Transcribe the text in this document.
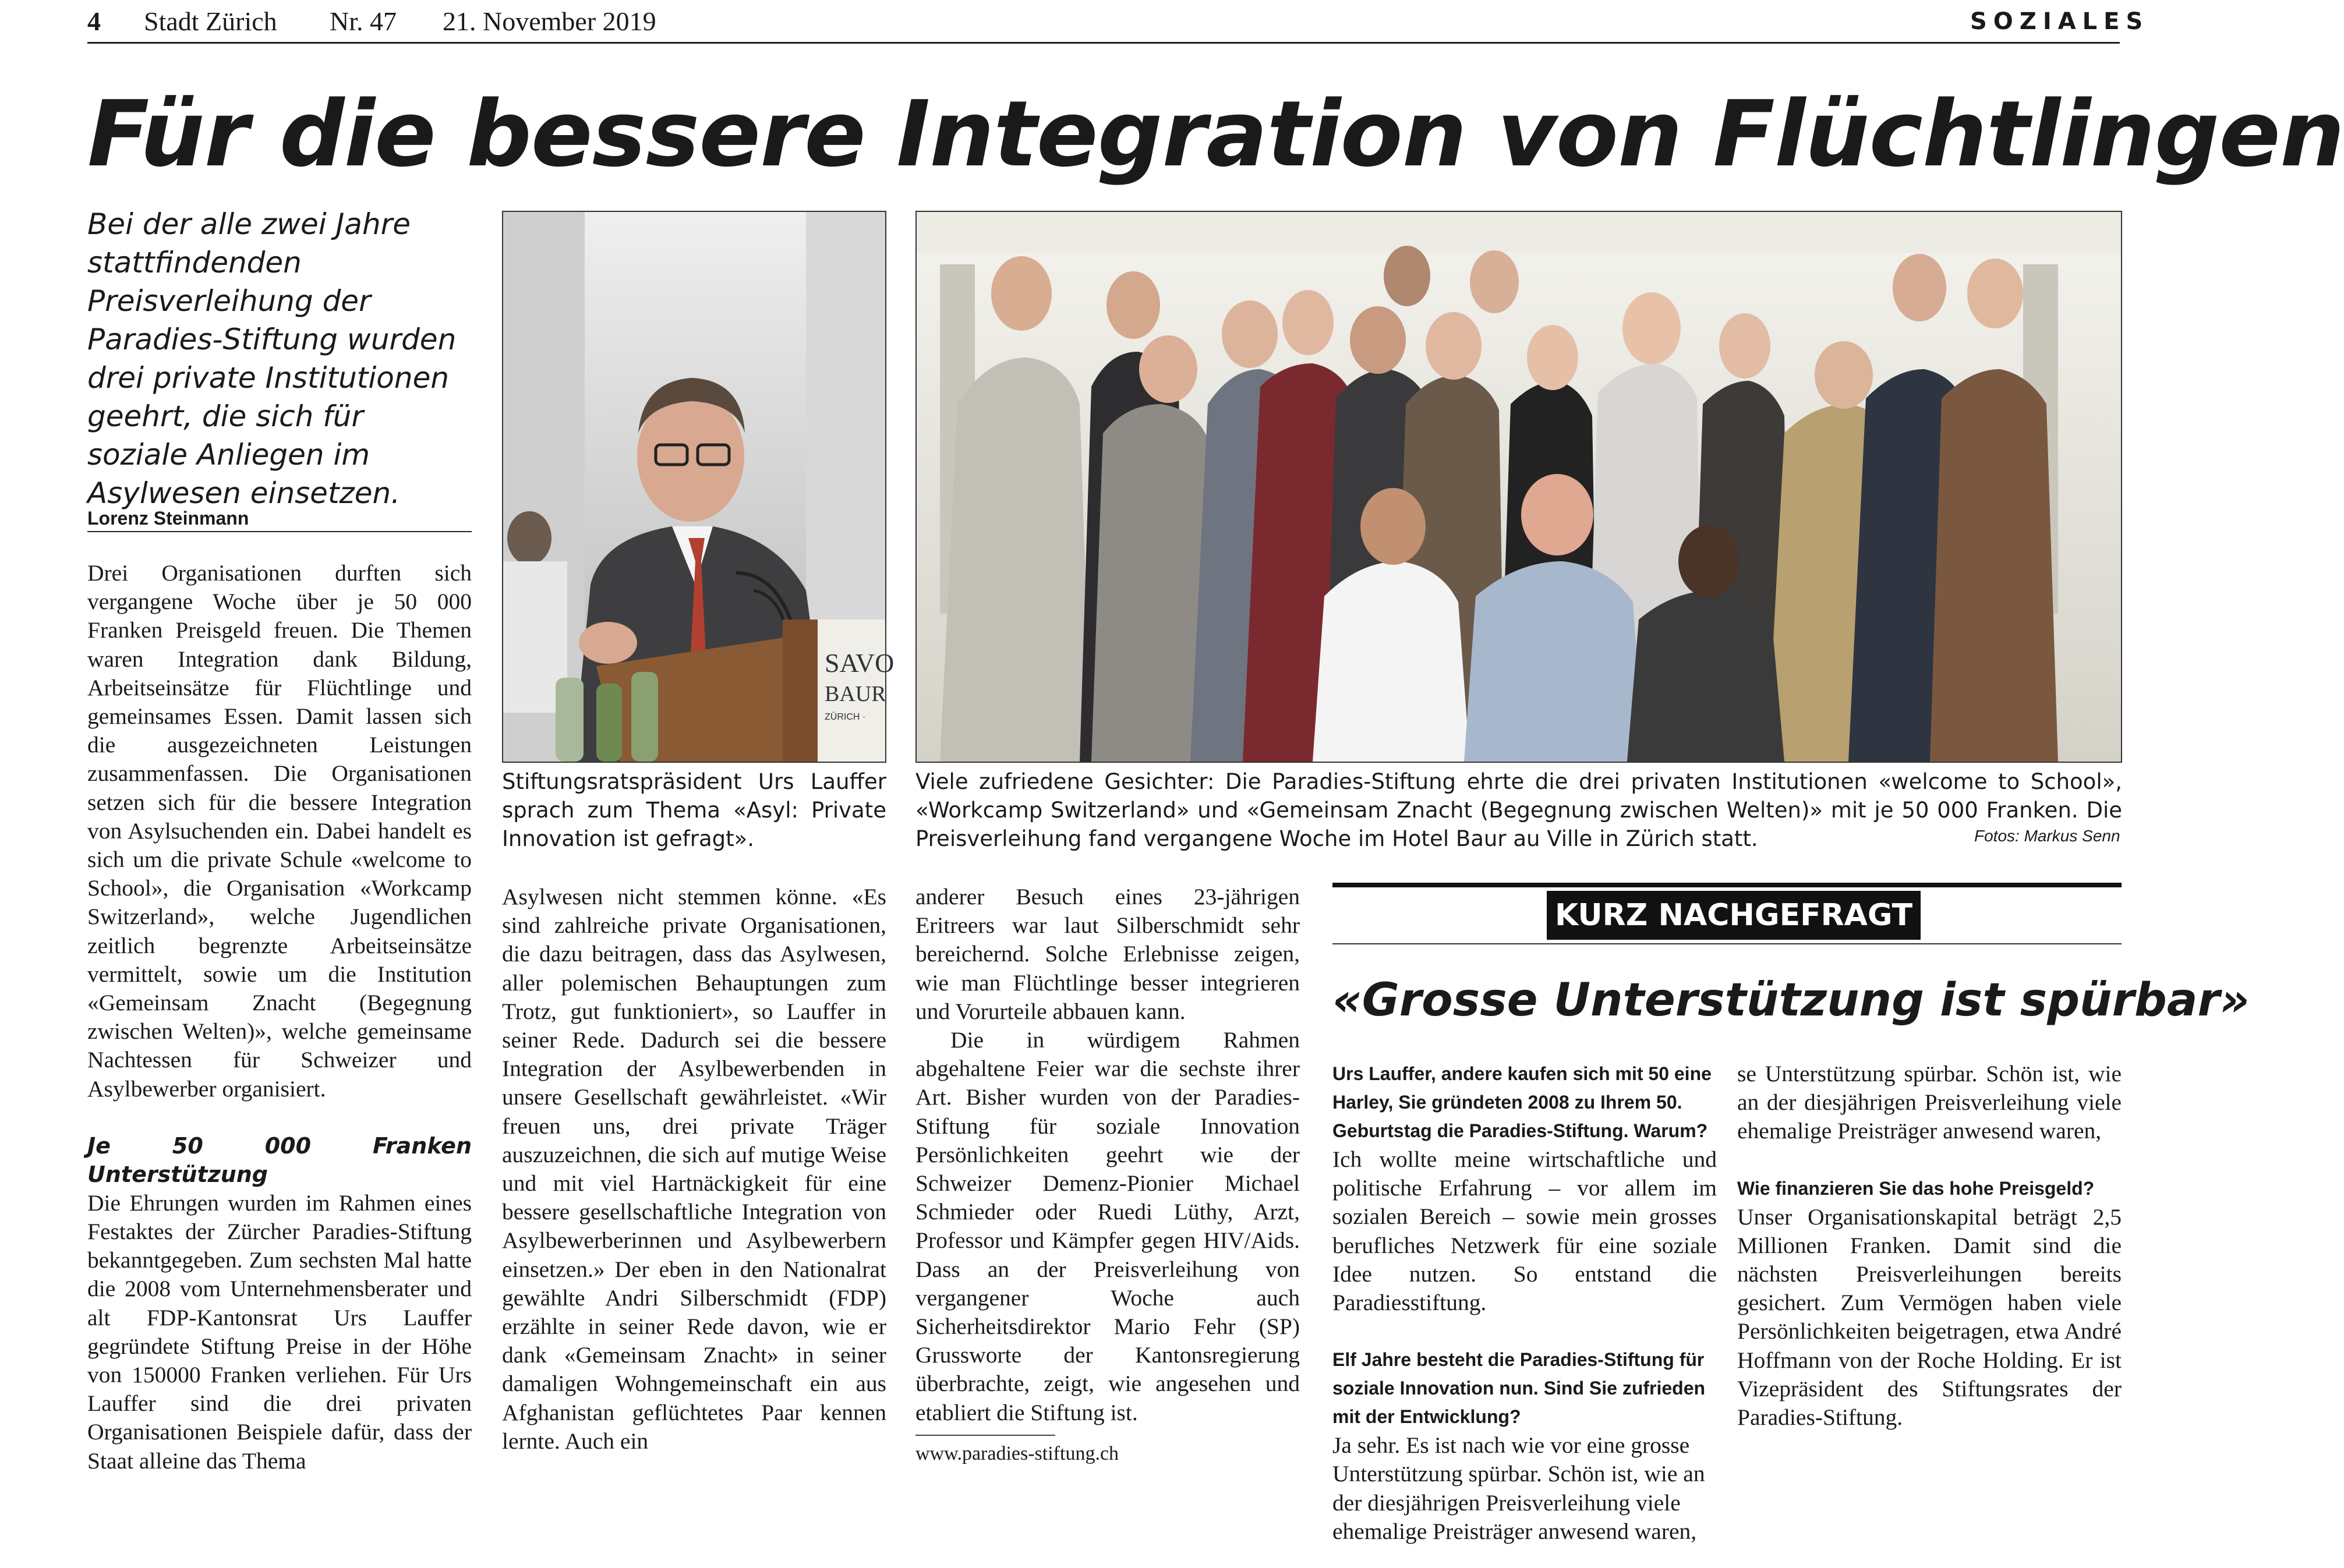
4 Stadt Zürich Nr. 47 21. November 2019	SOZIALES
Für die bessere Integration von Flüchtlingen
Bei der alle zwei Jahre stattfindenden Preisverleihung der Paradies-Stiftung wurden drei private Institutionen geehrt, die sich für soziale Anliegen im Asylwesen einsetzen.
Lorenz Steinmann

Drei Organisationen durften sich vergangene Woche über je 50 000 Franken Preisgeld freuen. Die Themen waren Integration dank Bildung, Arbeitseinsätze für Flüchtlinge und gemeinsames Essen. Damit lassen sich die ausgezeichneten Leistungen zusammenfassen. Die Organisationen setzen sich für die bessere Integration von Asylsuchenden ein. Dabei handelt es sich um die private Schule «welcome to School», die Organisation «Workcamp Switzerland», welche Jugendlichen zeitlich begrenzte Arbeitseinsätze vermittelt, sowie um die Institution «Gemeinsam Znacht (Begegnung zwischen Welten)», welche gemeinsame Nachtessen für Schweizer und Asylbewerber organisiert.

Je 50 000 Franken Unterstützung

Die Ehrungen wurden im Rahmen eines Festaktes der Zürcher Paradies-Stiftung bekanntgegeben. Zum sechsten Mal hatte die 2008 vom Unternehmensberater und alt FDP-Kantonsrat Urs Lauffer gegründete Stiftung Preise in der Höhe von 150000 Franken verliehen. Für Urs Lauffer sind die drei privaten Organisationen Beispiele dafür, dass der Staat alleine das Thema

SAVO
BAUR
ZÜRICH ·
Stiftungsratspräsident Urs Lauffer sprach zum Thema «Asyl: Private Innovation ist gefragt».
Viele zufriedene Gesichter: Die Paradies-Stiftung ehrte die drei privaten Institutionen «welcome to School», «Workcamp Switzerland» und «Gemeinsam Znacht (Begegnung zwischen Welten)» mit je 50 000 Franken. Die Preisverleihung fand vergangene Woche im Hotel Baur au Ville in Zürich statt.	Fotos: Markus Senn

Asylwesen nicht stemmen könne. «Es sind zahlreiche private Organisationen, die dazu beitragen, dass das Asylwesen, aller polemischen Behauptungen zum Trotz, gut funktioniert», so Lauffer in seiner Rede. Dadurch sei die bessere Integration der Asylbewerbenden in unsere Gesellschaft gewährleistet. «Wir freuen uns, drei private Träger auszuzeichnen, die sich auf mutige Weise und mit viel Hartnäckigkeit für eine bessere gesellschaftliche Integration von Asylbewerberinnen und Asylbewerbern einsetzen.» Der eben in den Nationalrat gewählte Andri Silberschmidt (FDP) erzählte in seiner Rede davon, wie er dank «Gemeinsam Znacht» in seiner damaligen Wohngemeinschaft ein aus Afghanistan geflüchtetes Paar kennen lernte. Auch ein

anderer Besuch eines 23-jährigen Eritreers war laut Silberschmidt sehr bereichernd. Solche Erlebnisse zeigen, wie man Flüchtlinge besser integrieren und Vorurteile abbauen kann.

Die in würdigem Rahmen abgehaltene Feier war die sechste ihrer Art. Bisher wurden von der Paradies-Stiftung für soziale Innovation Persönlichkeiten geehrt wie der Schweizer Demenz-Pionier Michael Schmieder oder Ruedi Lüthy, Arzt, Professor und Kämpfer gegen HIV/Aids. Dass an der Preisverleihung von vergangener Woche auch Sicherheitsdirektor Mario Fehr (SP) Grussworte der Kantonsregierung überbrachte, zeigt, wie angesehen und etabliert die Stiftung ist.

www.paradies-stiftung.ch
KURZ NACHGEFRAGT
«Grosse Unterstützung ist spürbar»
Urs Lauffer, andere kaufen sich mit 50 eine Harley, Sie gründeten 2008 zu Ihrem 50. Geburtstag die Paradies-Stiftung. Warum?
Ich wollte meine wirtschaftliche und politische Erfahrung – vor allem im sozialen Bereich – sowie mein grosses berufliches Netzwerk für eine soziale Idee nutzen. So entstand die Paradiesstiftung.
Elf Jahre besteht die Paradies-Stiftung für soziale Innovation nun. Sind Sie zufrieden mit der Entwicklung?
Ja sehr. Es ist nach wie vor eine grosse Unterstützung spürbar. Schön ist, wie an der diesjährigen Preisverleihung viele ehemalige Preisträger anwesend waren,
se Unterstützung spürbar. Schön ist, wie an der diesjährigen Preisverleihung viele ehemalige Preisträger anwesend waren,
Wie finanzieren Sie das hohe Preisgeld?
Unser Organisationskapital beträgt 2,5 Millionen Franken. Damit sind die nächsten Preisverleihungen bereits gesichert. Zum Vermögen haben viele Persönlichkeiten beigetragen, etwa André Hoffmann von der Roche Holding. Er ist Vizepräsident des Stiftungsrates der Paradies-Stiftung.
